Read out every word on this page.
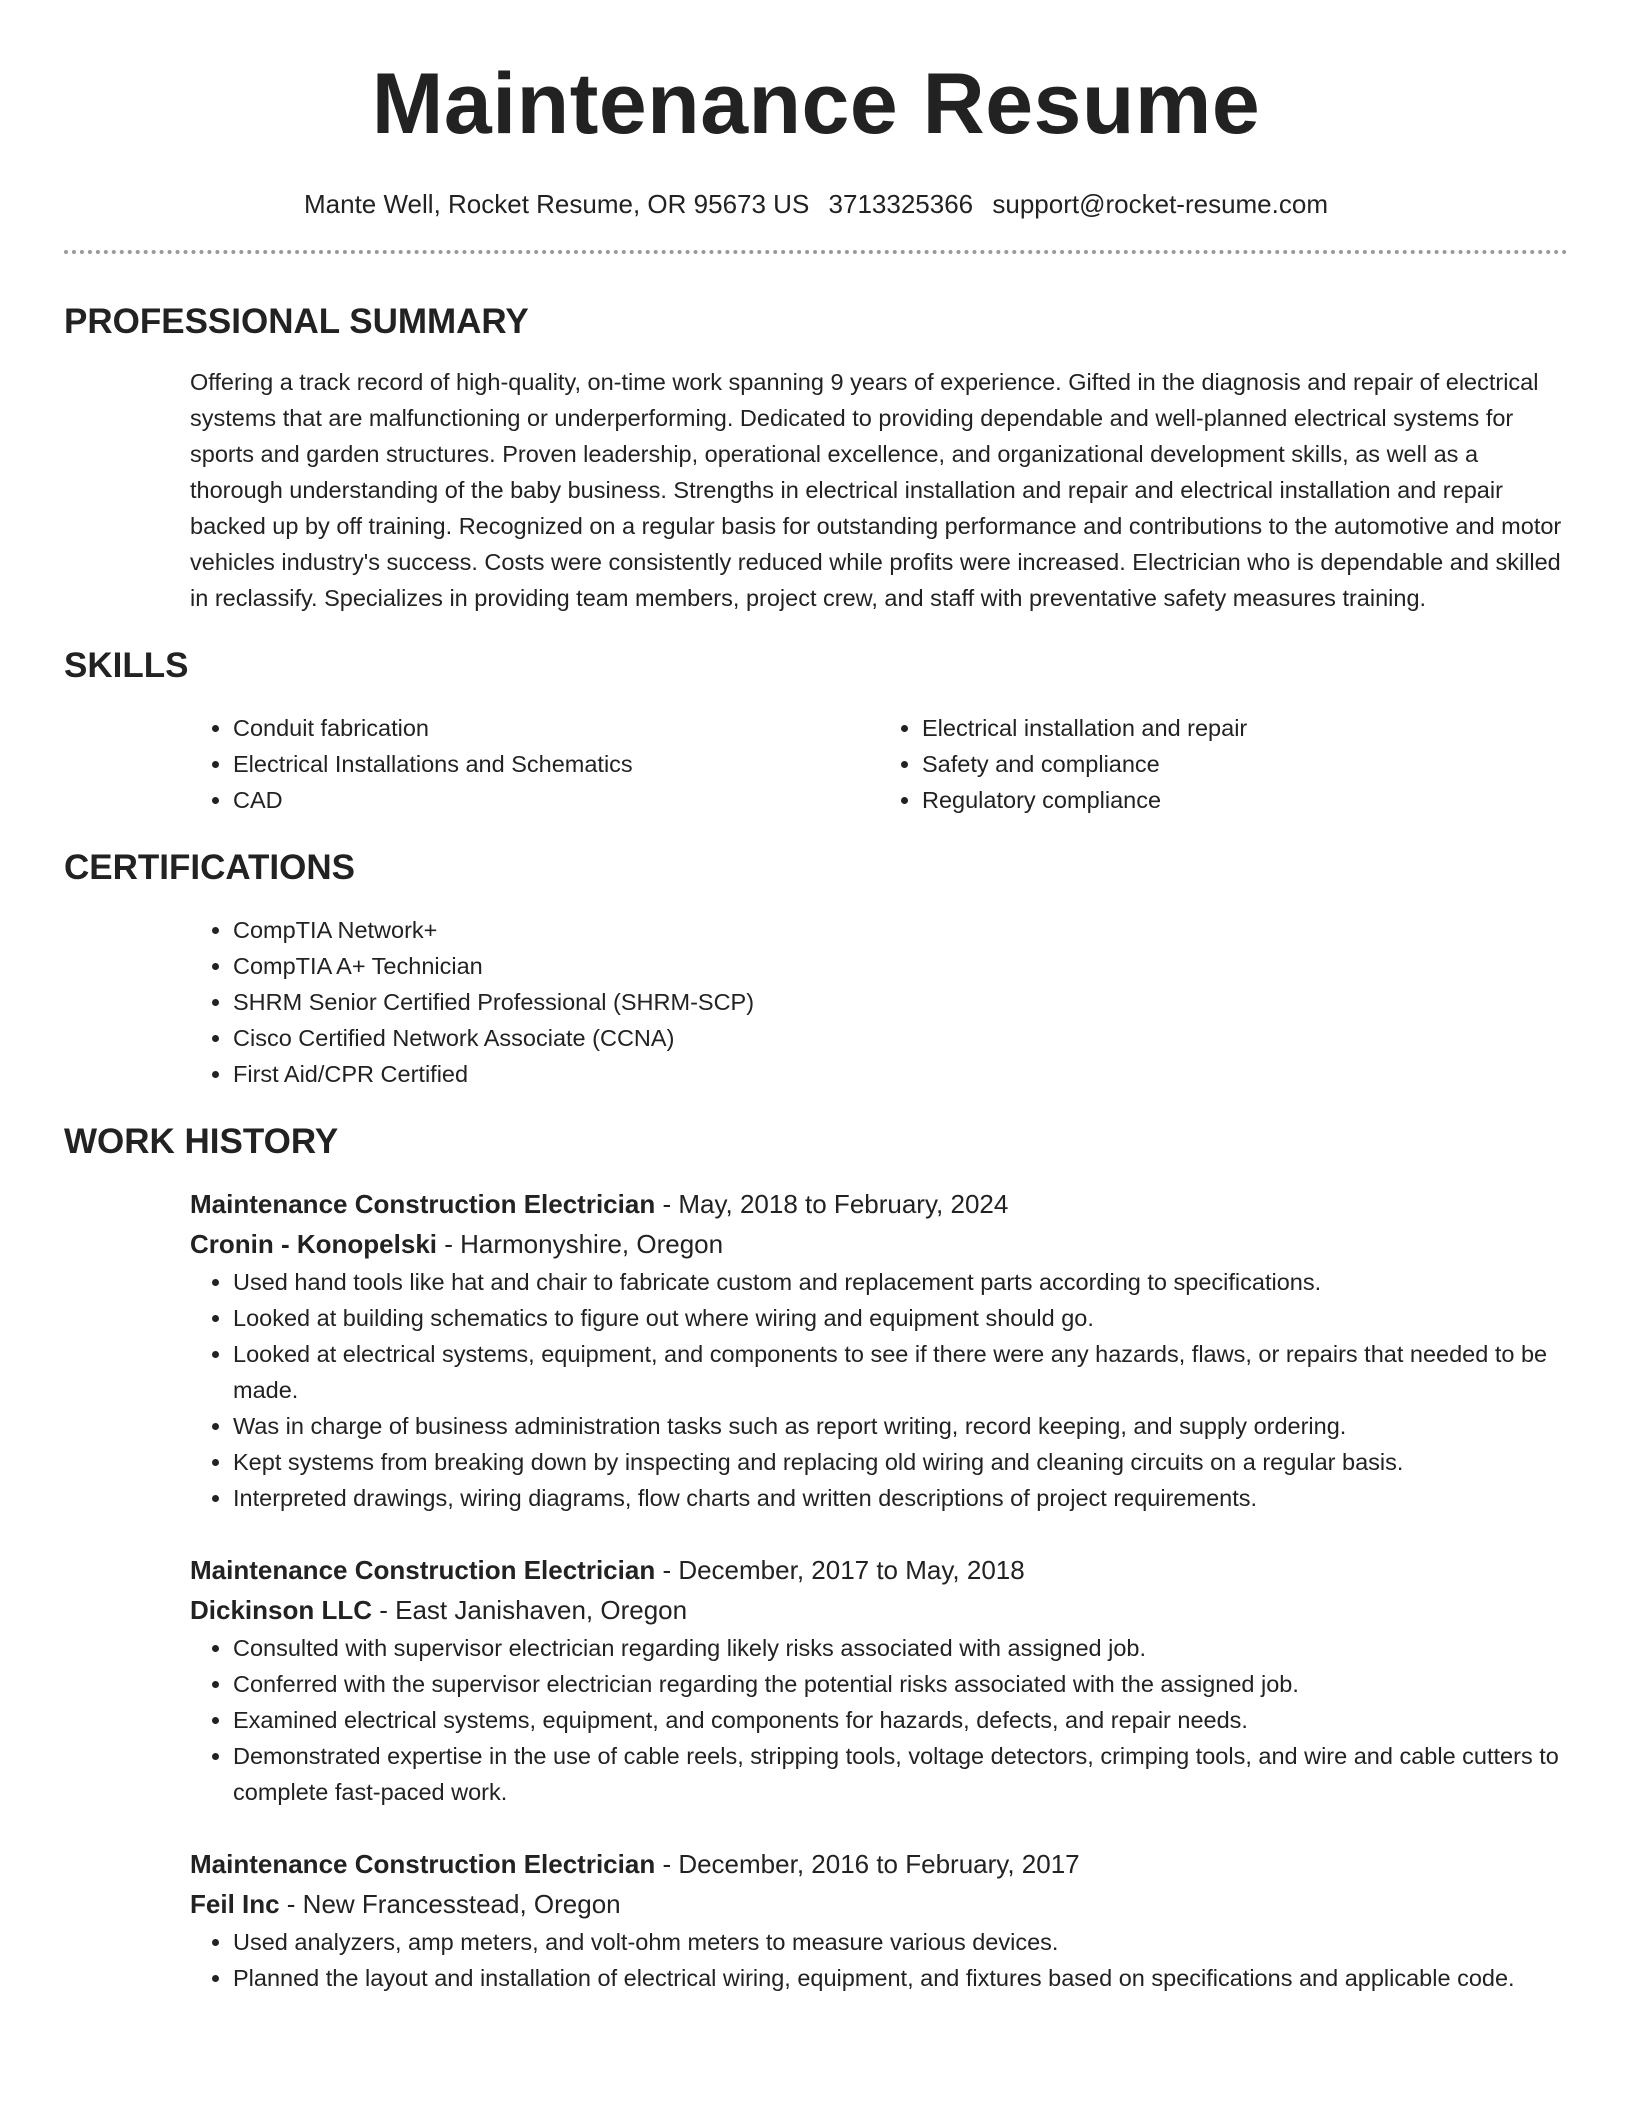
Maintenance Resume
Mante Well, Rocket Resume, OR 95673 US 3713325366 support@rocket-resume.com
PROFESSIONAL SUMMARY
Offering a track record of high-quality, on-time work spanning 9 years of experience. Gifted in the diagnosis and repair of electrical systems that are malfunctioning or underperforming. Dedicated to providing dependable and well-planned electrical systems for sports and garden structures. Proven leadership, operational excellence, and organizational development skills, as well as a thorough understanding of the baby business. Strengths in electrical installation and repair and electrical installation and repair backed up by off training. Recognized on a regular basis for outstanding performance and contributions to the automotive and motor vehicles industry's success. Costs were consistently reduced while profits were increased. Electrician who is dependable and skilled in reclassify. Specializes in providing team members, project crew, and staff with preventative safety measures training.
SKILLS
• Conduit fabrication
• Electrical Installations and Schematics
• CAD
• Electrical installation and repair
• Safety and compliance
• Regulatory compliance
CERTIFICATIONS
• CompTIA Network+
• CompTIA A+ Technician
• SHRM Senior Certified Professional (SHRM-SCP)
• Cisco Certified Network Associate (CCNA)
• First Aid/CPR Certified
WORK HISTORY
Maintenance Construction Electrician - May, 2018 to February, 2024
Cronin - Konopelski - Harmonyshire, Oregon
• Used hand tools like hat and chair to fabricate custom and replacement parts according to specifications.
• Looked at building schematics to figure out where wiring and equipment should go.
• Looked at electrical systems, equipment, and components to see if there were any hazards, flaws, or repairs that needed to be made.
• Was in charge of business administration tasks such as report writing, record keeping, and supply ordering.
• Kept systems from breaking down by inspecting and replacing old wiring and cleaning circuits on a regular basis.
• Interpreted drawings, wiring diagrams, flow charts and written descriptions of project requirements.
Maintenance Construction Electrician - December, 2017 to May, 2018
Dickinson LLC - East Janishaven, Oregon
• Consulted with supervisor electrician regarding likely risks associated with assigned job.
• Conferred with the supervisor electrician regarding the potential risks associated with the assigned job.
• Examined electrical systems, equipment, and components for hazards, defects, and repair needs.
• Demonstrated expertise in the use of cable reels, stripping tools, voltage detectors, crimping tools, and wire and cable cutters to complete fast-paced work.
Maintenance Construction Electrician - December, 2016 to February, 2017
Feil Inc - New Francesstead, Oregon
• Used analyzers, amp meters, and volt-ohm meters to measure various devices.
• Planned the layout and installation of electrical wiring, equipment, and fixtures based on specifications and applicable code.
